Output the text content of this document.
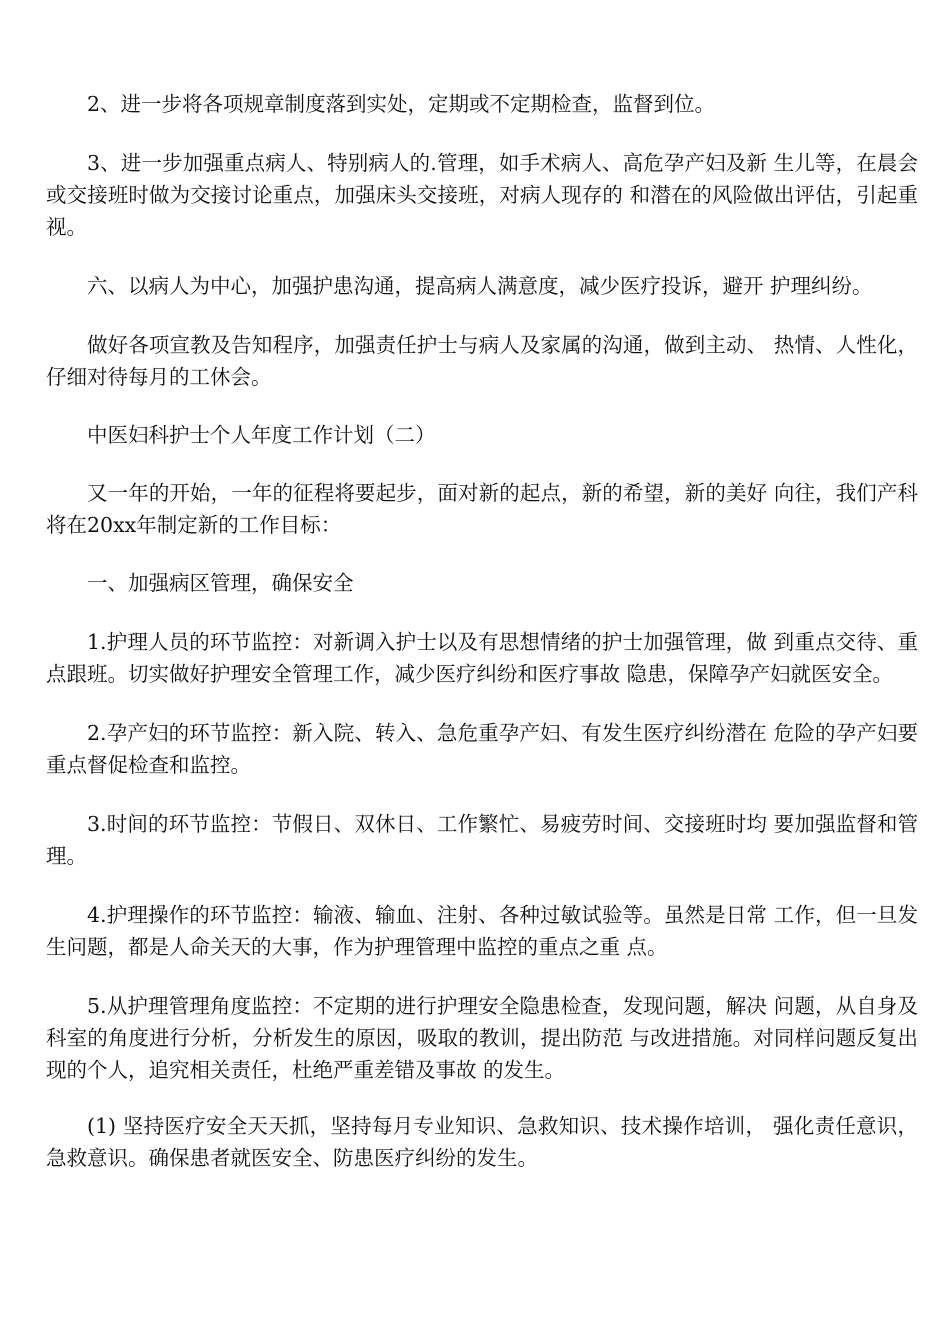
2、进一步将各项规章制度落到实处，定期或不定期检查，监督到位。

3、进一步加强重点病人、特别病人的.管理，如手术病人、高危孕产妇及新 生儿等，在晨会或交接班时做为交接讨论重点，加强床头交接班，对病人现存的 和潜在的风险做出评估，引起重视。

六、以病人为中心，加强护患沟通，提高病人满意度，减少医疗投诉，避开 护理纠纷。

做好各项宣教及告知程序，加强责任护士与病人及家属的沟通，做到主动、 热情、人性化，仔细对待每月的工休会。

中医妇科护士个人年度工作计划（二）

又一年的开始，一年的征程将要起步，面对新的起点，新的希望，新的美好 向往，我们产科将在20xx年制定新的工作目标：

一、加强病区管理，确保安全

1.护理人员的环节监控：对新调入护士以及有思想情绪的护士加强管理，做 到重点交待、重点跟班。切实做好护理安全管理工作，减少医疗纠纷和医疗事故 隐患，保障孕产妇就医安全。

2.孕产妇的环节监控：新入院、转入、急危重孕产妇、有发生医疗纠纷潜在 危险的孕产妇要重点督促检查和监控。

3.时间的环节监控：节假日、双休日、工作繁忙、易疲劳时间、交接班时均 要加强监督和管理。

4.护理操作的环节监控：输液、输血、注射、各种过敏试验等。虽然是日常 工作，但一旦发生问题，都是人命关天的大事，作为护理管理中监控的重点之重 点。

5.从护理管理角度监控：不定期的进行护理安全隐患检查，发现问题，解决 问题，从自身及科室的角度进行分析，分析发生的原因，吸取的教训，提出防范 与改进措施。对同样问题反复出现的个人，追究相关责任，杜绝严重差错及事故 的发生。

(1) 坚持医疗安全天天抓，坚持每月专业知识、急救知识、技术操作培训， 强化责任意识，急救意识。确保患者就医安全、防患医疗纠纷的发生。
